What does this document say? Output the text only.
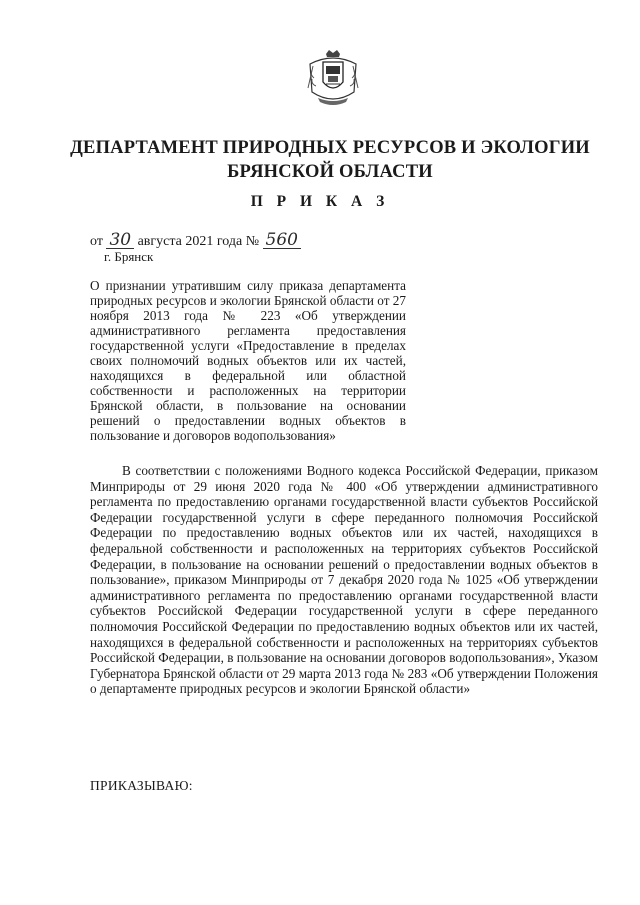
ДЕПАРТАМЕНТ ПРИРОДНЫХ РЕСУРСОВ И ЭКОЛОГИИ БРЯНСКОЙ ОБЛАСТИ
П Р И К А З
от 30 августа 2021 года № 560
г. Брянск
О признании утратившим силу приказа департамента природных ресурсов и экологии Брянской области от 27 ноября 2013 года № 223 «Об утверждении административного регламента предоставления государственной услуги «Предоставление в пределах своих полномочий водных объектов или их частей, находящихся в федеральной или областной собственности и расположенных на территории Брянской области, в пользование на основании решений о предоставлении водных объектов в пользование и договоров водопользования»
В соответствии с положениями Водного кодекса Российской Федерации, приказом Минприроды от 29 июня 2020 года № 400 «Об утверждении административного регламента по предоставлению органами государственной власти субъектов Российской Федерации государственной услуги в сфере переданного полномочия Российской Федерации по предоставлению водных объектов или их частей, находящихся в федеральной собственности и расположенных на территориях субъектов Российской Федерации, в пользование на основании решений о предоставлении водных объектов в пользование», приказом Минприроды от 7 декабря 2020 года № 1025 «Об утверждении административного регламента по предоставлению органами государственной власти субъектов Российской Федерации государственной услуги в сфере переданного полномочия Российской Федерации по предоставлению водных объектов или их частей, находящихся в федеральной собственности и расположенных на территориях субъектов Российской Федерации, в пользование на основании договоров водопользования», Указом Губернатора Брянской области от 29 марта 2013 года № 283 «Об утверждении Положения о департаменте природных ресурсов и экологии Брянской области»
ПРИКАЗЫВАЮ:
